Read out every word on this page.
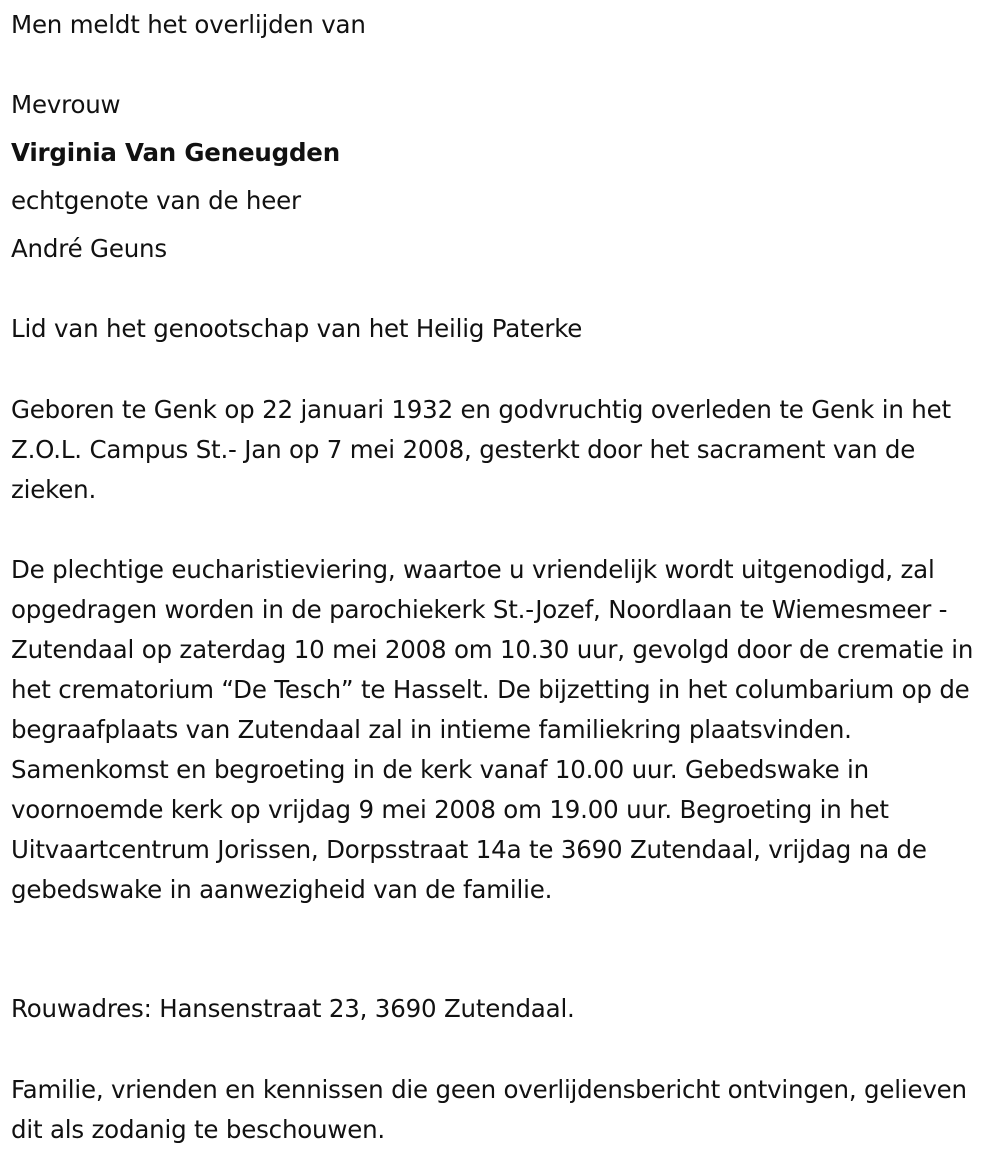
Men meldt het overlijden van
Mevrouw
Virginia Van Geneugden
echtgenote van de heer
André Geuns
Lid van het genootschap van het Heilig Paterke

Geboren te Genk op 22 januari 1932 en godvruchtig overleden te Genk in het Z.O.L. Campus St.- Jan op 7 mei 2008, gesterkt door het sacrament van de zieken.

De plechtige eucharistieviering, waartoe u vriendelijk wordt uitgenodigd, zal opgedragen worden in de parochiekerk St.-Jozef, Noordlaan te Wiemesmeer - Zutendaal op zaterdag 10 mei 2008 om 10.30 uur, gevolgd door de crematie in het crematorium “De Tesch” te Hasselt. De bijzetting in het columbarium op de begraafplaats van Zutendaal zal in intieme familiekring plaatsvinden. Samenkomst en begroeting in de kerk vanaf 10.00 uur. Gebedswake in voornoemde kerk op vrijdag 9 mei 2008 om 19.00 uur. Begroeting in het Uitvaartcentrum Jorissen, Dorpsstraat 14a te 3690 Zutendaal, vrijdag na de gebedswake in aanwezigheid van de familie.

Rouwadres: Hansenstraat 23, 3690 Zutendaal.

Familie, vrienden en kennissen die geen overlijdensbericht ontvingen, gelieven dit als zodanig te beschouwen.
